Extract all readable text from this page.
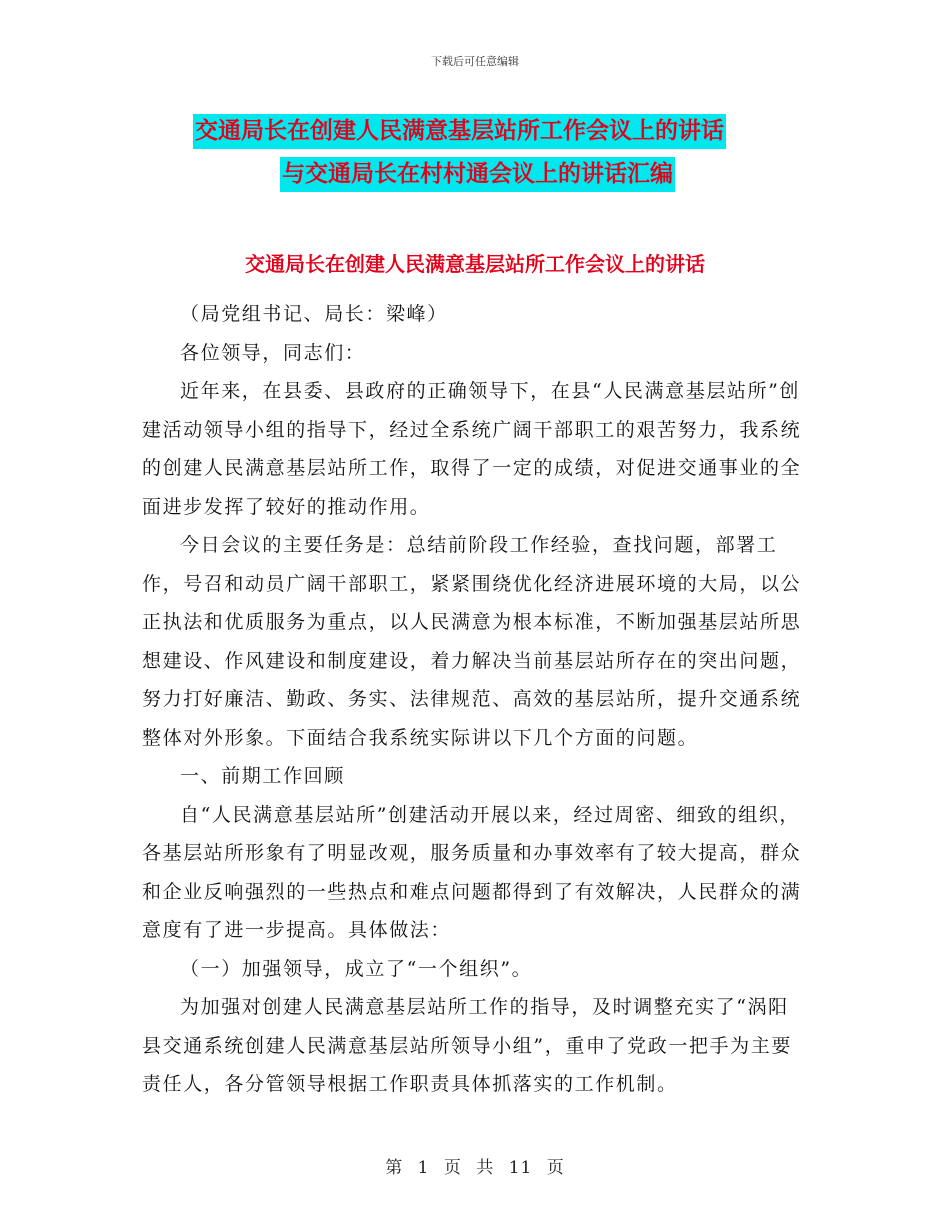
下载后可任意编辑
交通局长在创建人民满意基层站所工作会议上的讲话
与交通局长在村村通会议上的讲话汇编
交通局长在创建人民满意基层站所工作会议上的讲话

（局党组书记、局长：梁峰）

各位领导，同志们：

近年来，在县委、县政府的正确领导下，在县“人民满意基层站所”创建活动领导小组的指导下，经过全系统广阔干部职工的艰苦努力，我系统的创建人民满意基层站所工作，取得了一定的成绩，对促进交通事业的全面进步发挥了较好的推动作用。

今日会议的主要任务是：总结前阶段工作经验，查找问题，部署工作，号召和动员广阔干部职工，紧紧围绕优化经济进展环境的大局，以公正执法和优质服务为重点，以人民满意为根本标准，不断加强基层站所思想建设、作风建设和制度建设，着力解决当前基层站所存在的突出问题，努力打好廉洁、勤政、务实、法律规范、高效的基层站所，提升交通系统整体对外形象。下面结合我系统实际讲以下几个方面的问题。

一、前期工作回顾

自“人民满意基层站所”创建活动开展以来，经过周密、细致的组织，各基层站所形象有了明显改观，服务质量和办事效率有了较大提高，群众和企业反响强烈的一些热点和难点问题都得到了有效解决，人民群众的满意度有了进一步提高。具体做法：

（一）加强领导，成立了“一个组织”。

为加强对创建人民满意基层站所工作的指导，及时调整充实了“涡阳县交通系统创建人民满意基层站所领导小组”，重申了党政一把手为主要责任人，各分管领导根据工作职责具体抓落实的工作机制。

第 1 页 共 11 页
